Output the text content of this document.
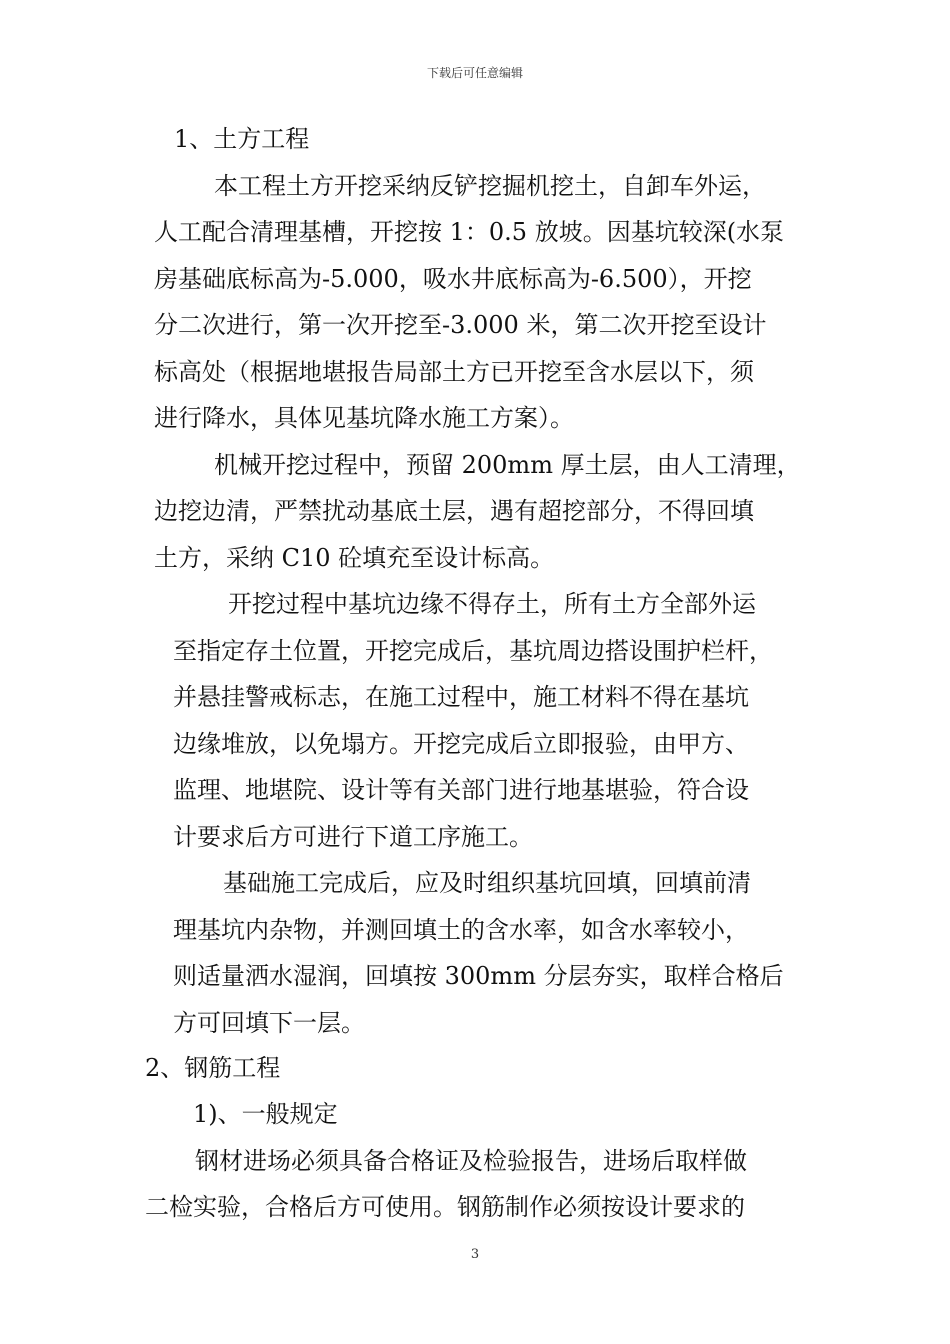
下载后可任意编辑
1、土方工程
本工程土方开挖采纳反铲挖掘机挖土，自卸车外运，
人工配合清理基槽，开挖按 1：0.5 放坡。因基坑较深(水泵
房基础底标高为-5.000，吸水井底标高为-6.500），开挖
分二次进行，第一次开挖至-3.000 米，第二次开挖至设计
标高处（根据地堪报告局部土方已开挖至含水层以下，须
进行降水，具体见基坑降水施工方案）。
机械开挖过程中，预留 200mm 厚土层，由人工清理，
边挖边清，严禁扰动基底土层，遇有超挖部分，不得回填
土方，采纳 C10 砼填充至设计标高。
开挖过程中基坑边缘不得存土，所有土方全部外运
至指定存土位置，开挖完成后，基坑周边搭设围护栏杆，
并悬挂警戒标志，在施工过程中，施工材料不得在基坑
边缘堆放，以免塌方。开挖完成后立即报验，由甲方、
监理、地堪院、设计等有关部门进行地基堪验，符合设
计要求后方可进行下道工序施工。
基础施工完成后，应及时组织基坑回填，回填前清
理基坑内杂物，并测回填土的含水率，如含水率较小，
则适量洒水湿润，回填按 300mm 分层夯实，取样合格后
方可回填下一层。
2、钢筋工程
1)、一般规定
钢材进场必须具备合格证及检验报告，进场后取样做
二检实验，合格后方可使用。钢筋制作必须按设计要求的
3
